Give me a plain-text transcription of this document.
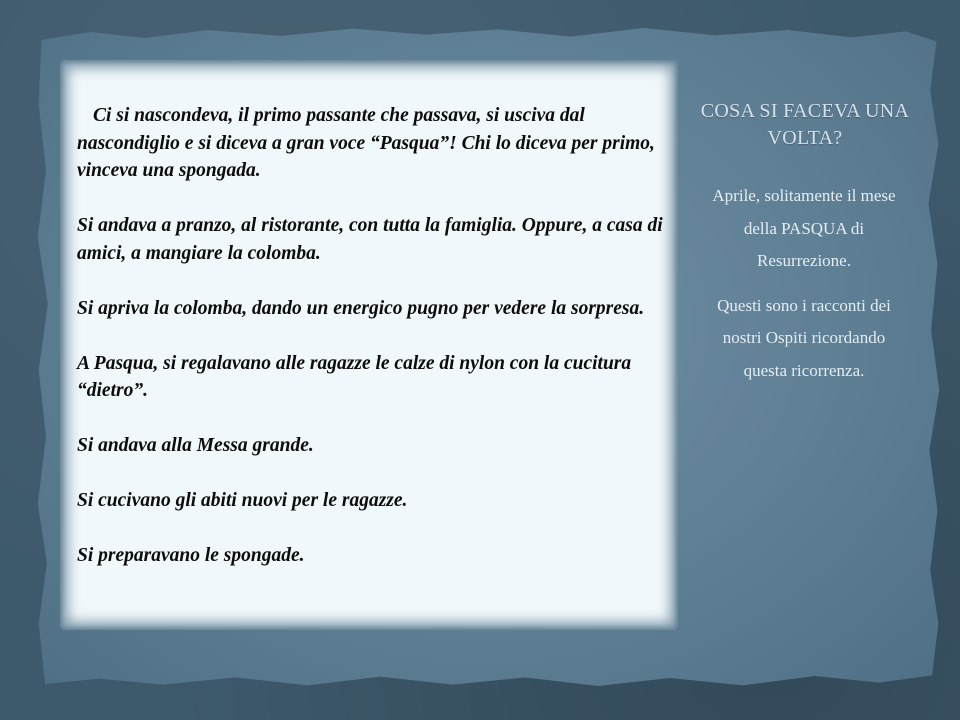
Ci si nascondeva, il primo passante che passava, si usciva dal nascondiglio e si diceva a gran voce “Pasqua”! Chi lo diceva per primo, vinceva una spongada.

Si andava a pranzo, al ristorante, con tutta la famiglia. Oppure, a casa di amici, a mangiare la colomba.

Si apriva la colomba, dando un energico pugno per vedere la sorpresa.

A Pasqua, si regalavano alle ragazze le calze di nylon con la cucitura “dietro”.

Si andava alla Messa grande.

Si cucivano gli abiti nuovi per le ragazze.

Si preparavano le spongade.

COSA SI FACEVA UNA VOLTA?

Aprile, solitamente il mese della PASQUA di Resurrezione.

Questi sono i racconti dei nostri Ospiti ricordando questa ricorrenza.
